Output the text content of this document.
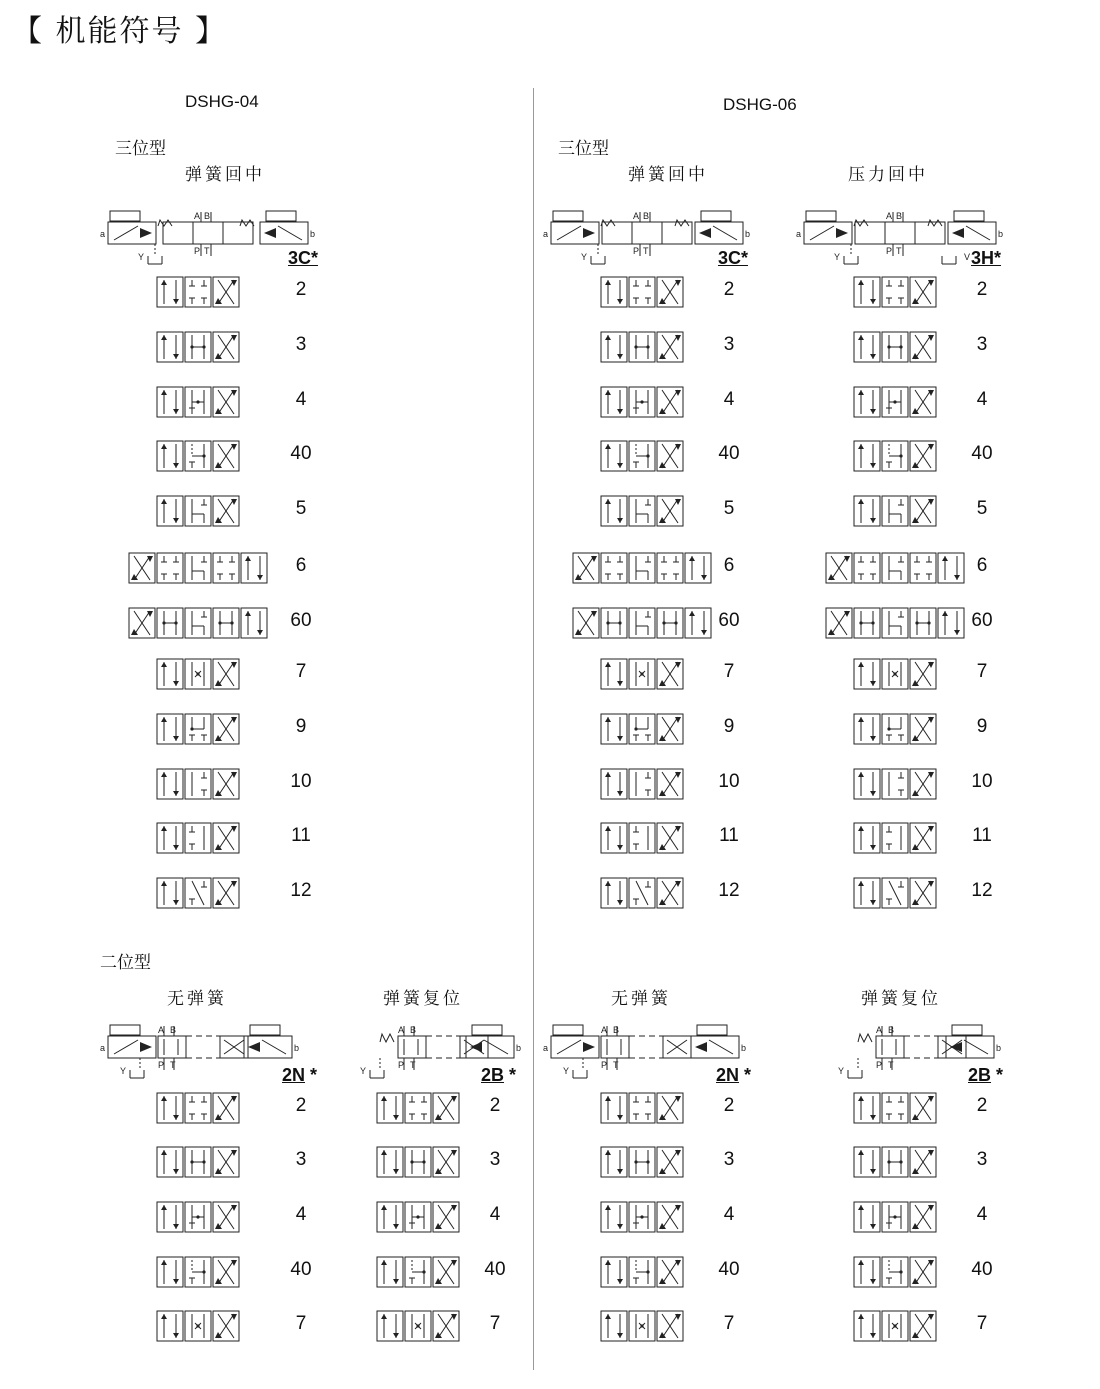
【 机能符号 】
DSHG-04	DSHG-06
三位型	三位型
二位型
弹簧回中	弹簧回中	压力回中
无弹簧	弹簧复位	无弹簧	弹簧复位
3C*	3C*	3H*
2N *	2B *	2N *	2B *
a	b
A B
P T
Y
a	b
A B
P T
Y
a	b
A B
P T
Y	V
a
A B
b
P T
Y
A B
b
P T
Y
a
A B
b
P T
Y
A B
b
P T
Y
2	2	2
3	3	3
4	4	4
40	40	40
5	5	5
6	6	6
60	60	60
7	7	7
9	9	9
10	10	10
11	11	11
12	12	12
2	2	2	2
3	3	3	3
4	4	4	4
40	40	40	40
7	7	7	7
